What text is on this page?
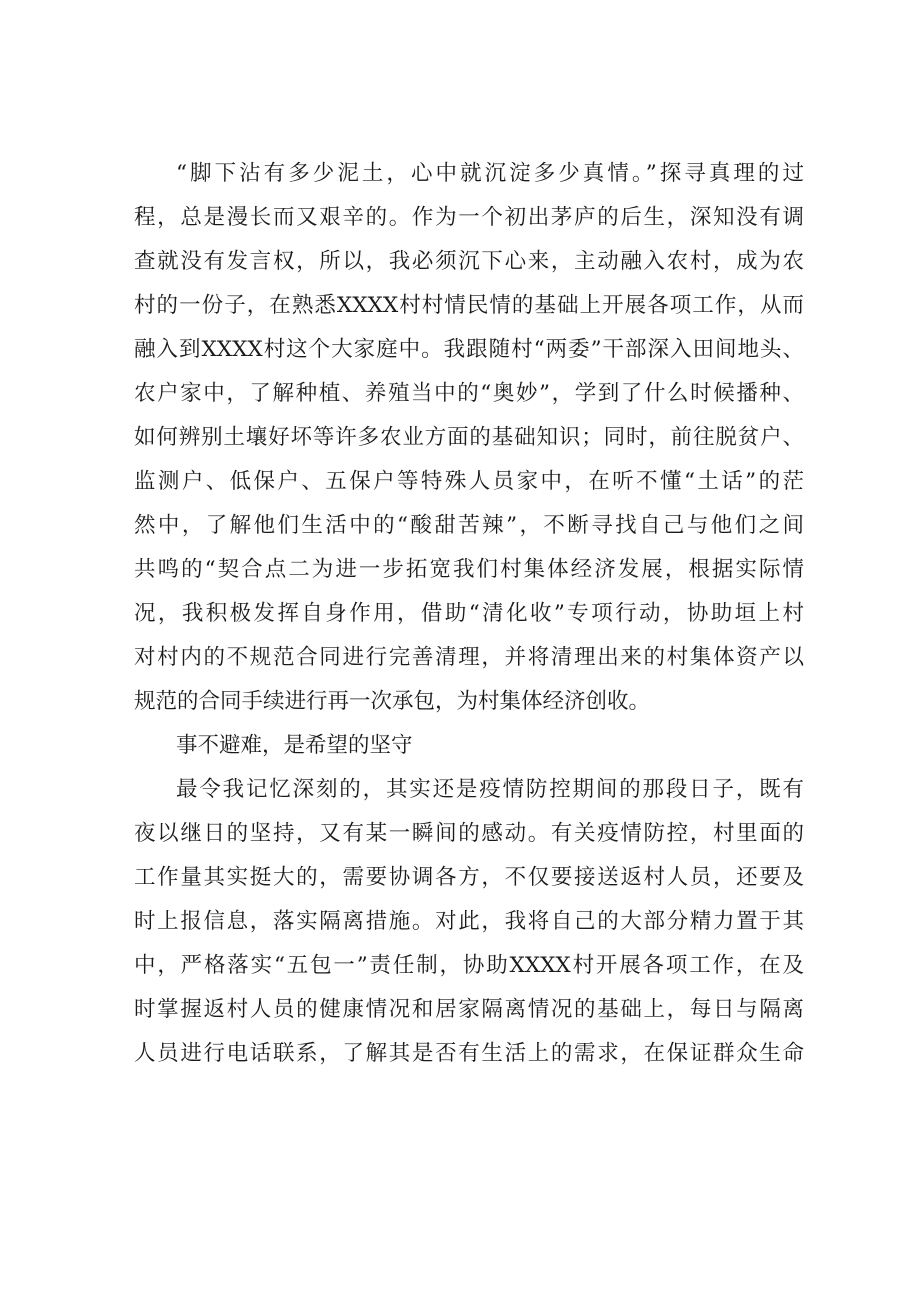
“脚下沾有多少泥土，心中就沉淀多少真情。”探寻真理的过
程，总是漫长而又艰辛的。作为一个初出茅庐的后生，深知没有调
查就没有发言权，所以，我必须沉下心来，主动融入农村，成为农
村的一份子，在熟悉XXXX村村情民情的基础上开展各项工作，从而
融入到XXXX村这个大家庭中。我跟随村“两委”干部深入田间地头、
农户家中，了解种植、养殖当中的“奥妙”，学到了什么时候播种、
如何辨别土壤好坏等许多农业方面的基础知识；同时，前往脱贫户、
监测户、低保户、五保户等特殊人员家中，在听不懂“土话”的茫
然中，了解他们生活中的“酸甜苦辣”，不断寻找自己与他们之间
共鸣的“契合点二为进一步拓宽我们村集体经济发展，根据实际情
况，我积极发挥自身作用，借助“清化收”专项行动，协助垣上村
对村内的不规范合同进行完善清理，并将清理出来的村集体资产以
规范的合同手续进行再一次承包，为村集体经济创收。
事不避难，是希望的坚守
最令我记忆深刻的，其实还是疫情防控期间的那段日子，既有
夜以继日的坚持，又有某一瞬间的感动。有关疫情防控，村里面的
工作量其实挺大的，需要协调各方，不仅要接送返村人员，还要及
时上报信息，落实隔离措施。对此，我将自己的大部分精力置于其
中，严格落实“五包一”责任制，协助XXXX村开展各项工作，在及
时掌握返村人员的健康情况和居家隔离情况的基础上，每日与隔离
人员进行电话联系，了解其是否有生活上的需求，在保证群众生命
